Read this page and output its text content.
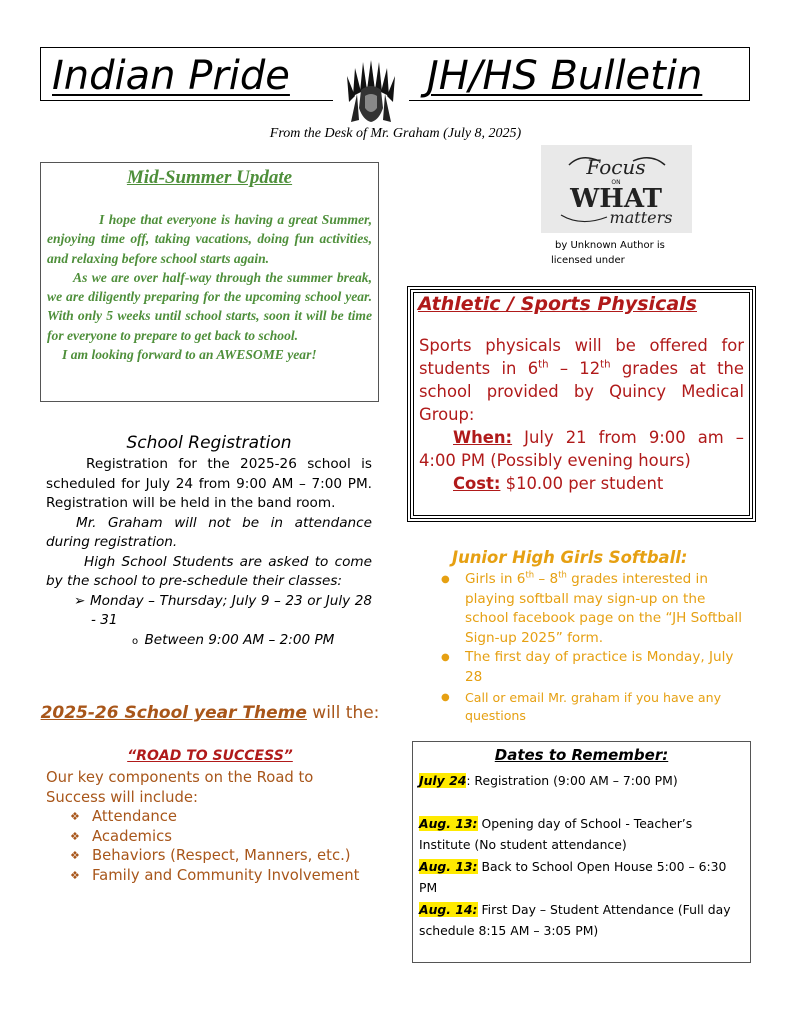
Indian Pride	JH/HS Bulletin
From the Desk of Mr. Graham (July 8, 2025)
Mid-Summer Update

I hope that everyone is having a great Summer, enjoying time off, taking vacations, doing fun activities, and relaxing before school starts again.

As we are over half-way through the summer break, we are diligently preparing for the upcoming school year. With only 5 weeks until school starts, soon it will be time for everyone to prepare to get back to school.

I am looking forward to an AWESOME year!

Focus
ON
WHAT
matters
by Unknown Author is
licensed under
Athletic / Sports Physicals

Sports physicals will be offered for students in 6th – 12th grades at the school provided by Quincy Medical Group:

When: July 21 from 9:00 am – 4:00 PM (Possibly evening hours)

Cost: $10.00 per student

School Registration

Registration for the 2025-26 school is scheduled for July 24 from 9:00 AM – 7:00 PM. Registration will be held in the band room.

Mr. Graham will not be in attendance during registration.

High School Students are asked to come by the school to pre-schedule their classes:

➢ Monday – Thursday; July 9 – 23 or July 28 - 31

o  Between 9:00 AM – 2:00 PM

2025-26 School year Theme will the:
“ROAD TO SUCCESS”
Our key components on the Road to Success will include:
❖ Attendance
❖ Academics
❖ Behaviors (Respect, Manners, etc.)
❖ Family and Community Involvement
Junior High Girls Softball:
● Girls in 6th – 8th grades interested in playing softball may sign-up on the school facebook page on the “JH Softball Sign-up 2025” form.
● The first day of practice is Monday, July 28
● Call or email Mr. graham if you have any questions
Dates to Remember:
July 24: Registration (9:00 AM – 7:00 PM)
Aug. 13: Opening day of School - Teacher’s Institute (No student attendance)
Aug. 13: Back to School Open House 5:00 – 6:30 PM
Aug. 14: First Day – Student Attendance (Full day schedule 8:15 AM – 3:05 PM)
